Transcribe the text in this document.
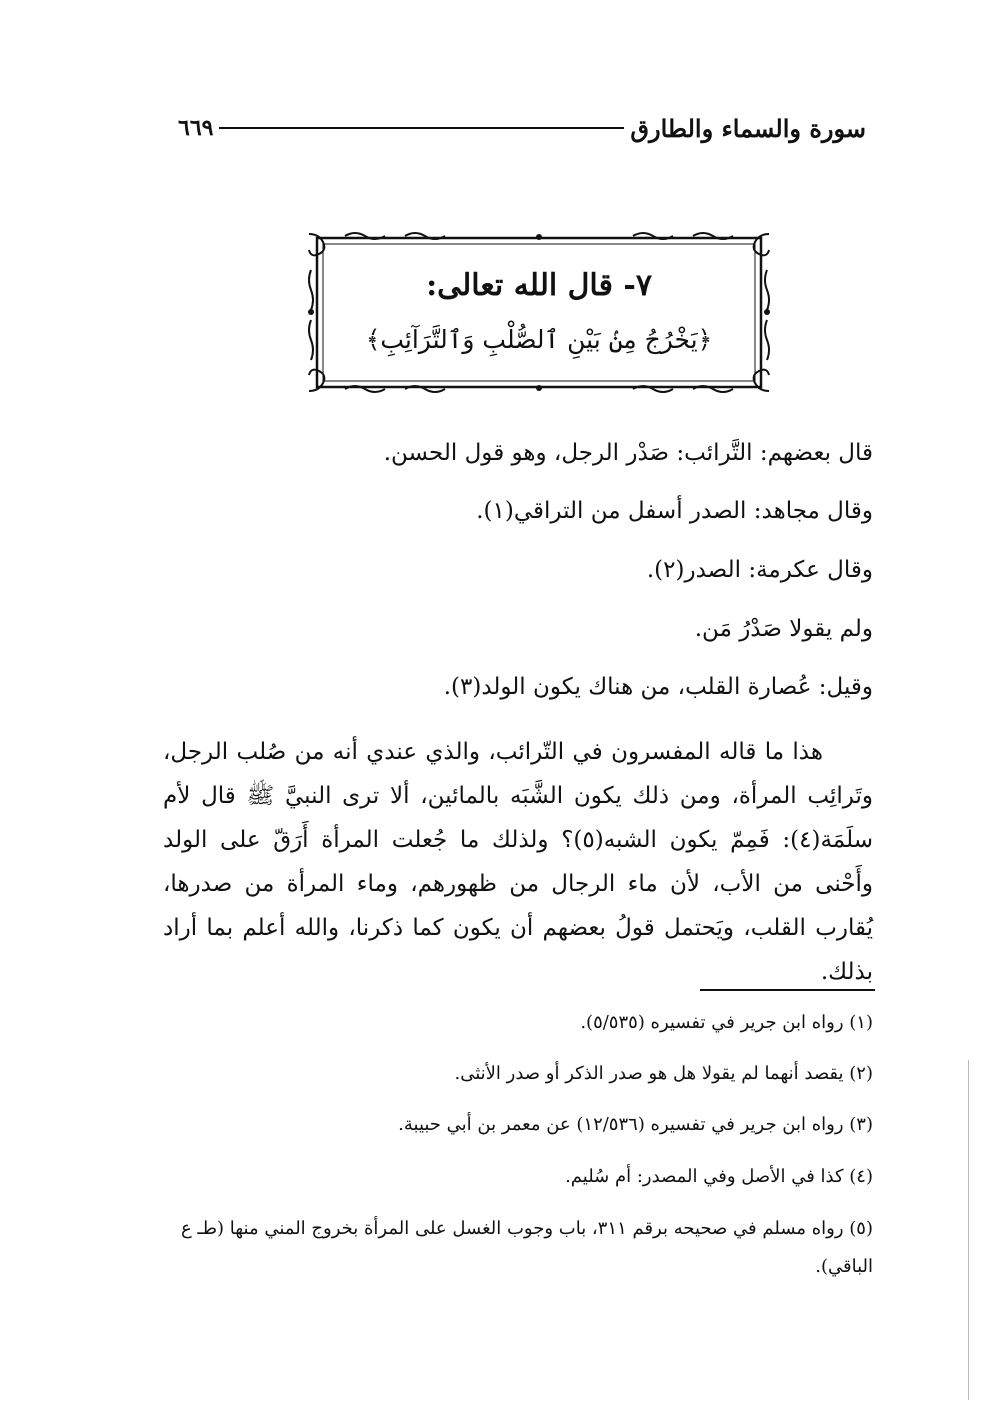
سورة والسماء والطارق
٦٦٩
٧- قال الله تعالى:
﴿يَخْرُجُ مِنۢ بَيْنِ ٱلصُّلْبِ وَٱلتَّرَآئِبِ﴾
قال بعضهم: التَّرائب: صَدْر الرجل، وهو قول الحسن.
وقال مجاهد: الصدر أسفل من التراقي(١).
وقال عكرمة: الصدر(٢).
ولم يقولا صَدْرُ مَن.
وقيل: عُصارة القلب، من هناك يكون الولد(٣).
هذا ما قاله المفسرون في التّرائب، والذي عندي أنه من صُلب الرجل، وتَرائِب المرأة، ومن ذلك يكون الشَّبَه بالمائين، ألا ترى النبيَّ ﷺ قال لأم سلَمَة(٤): فَمِمّ يكون الشبه(٥)؟ ولذلك ما جُعلت المرأة أَرَقّ على الولد وأَحْنى من الأب، لأن ماء الرجال من ظهورهم، وماء المرأة من صدرها، يُقارب القلب، ويَحتمل قولُ بعضهم أن يكون كما ذكرنا، والله أعلم بما أراد بذلك.
(١) رواه ابن جرير في تفسيره (٥/٥٣٥).
(٢) يقصد أنهما لم يقولا هل هو صدر الذكر أو صدر الأنثى.
(٣) رواه ابن جرير في تفسيره (١٢/٥٣٦) عن معمر بن أبي حبيبة.
(٤) كذا في الأصل وفي المصدر: أم سُليم.
(٥) رواه مسلم في صحيحه برقم ٣١١، باب وجوب الغسل على المرأة بخروج المني منها (طـ ع الباقي).
